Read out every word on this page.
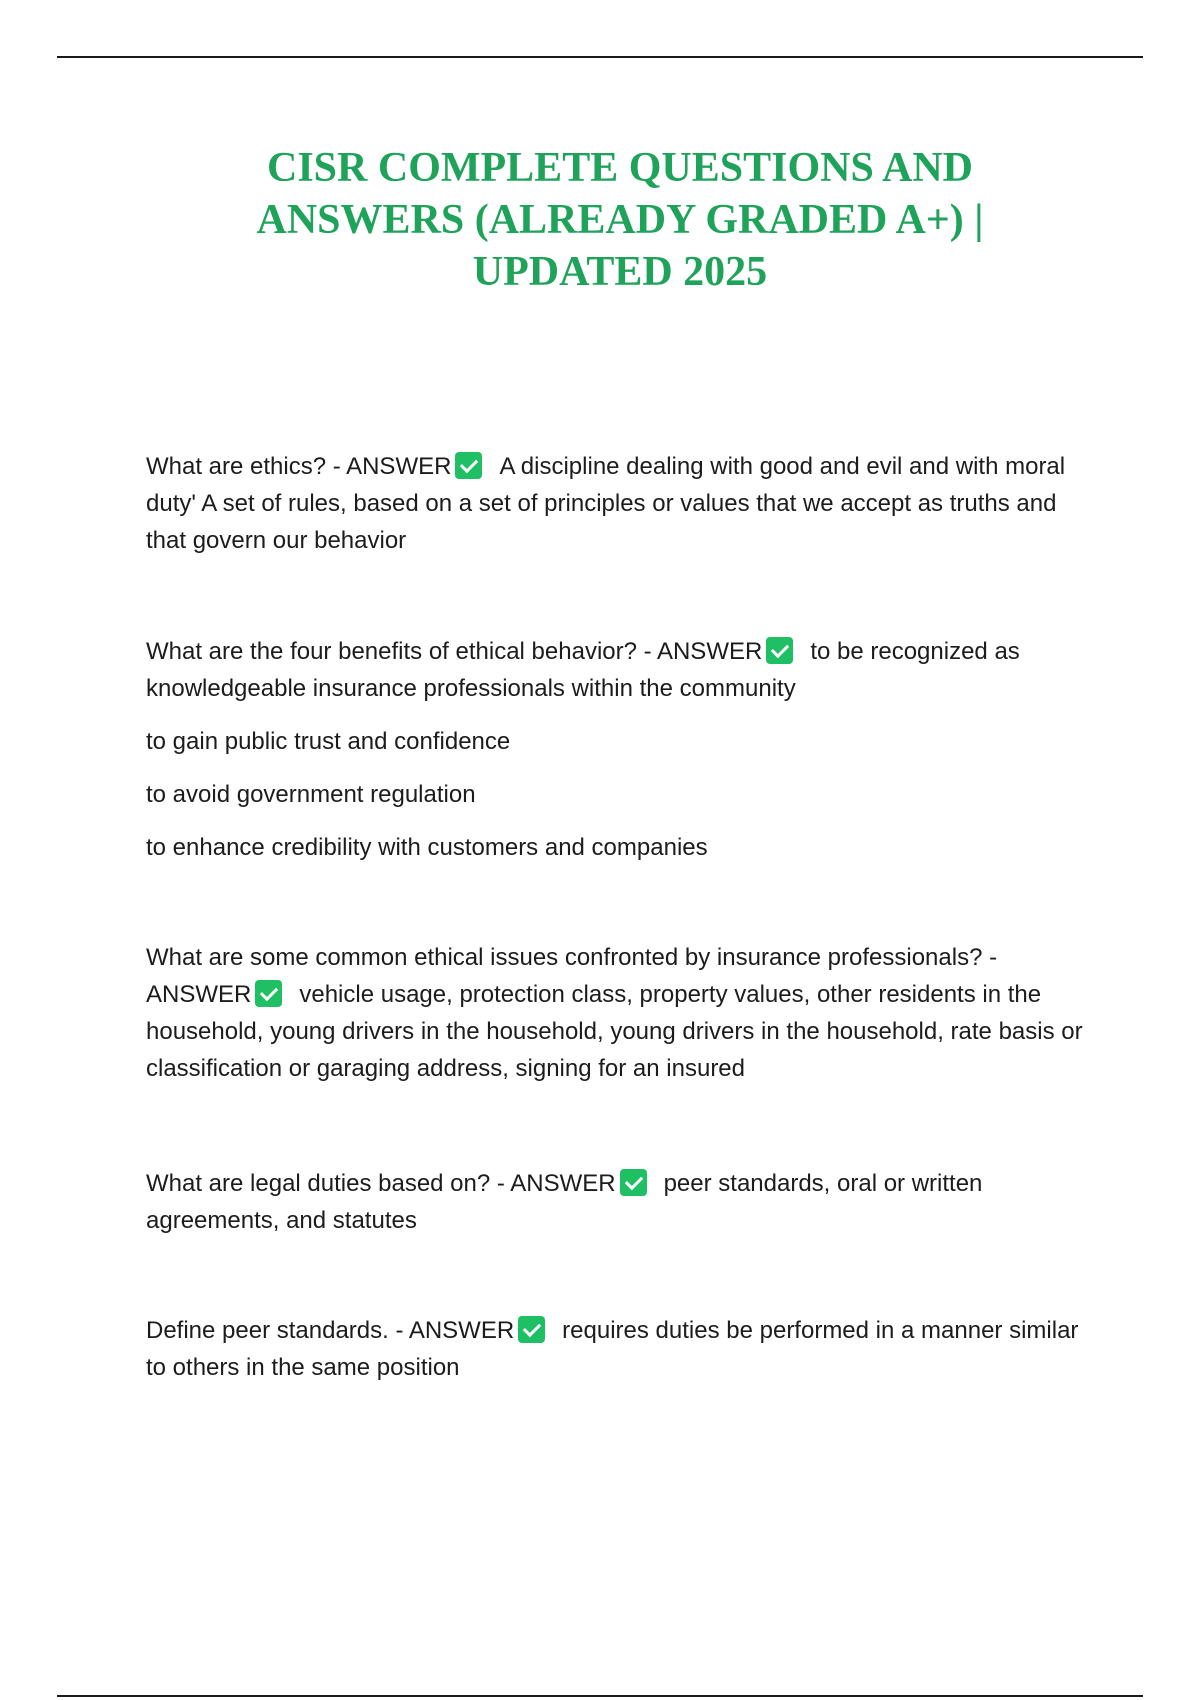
CISR COMPLETE QUESTIONS AND
ANSWERS (ALREADY GRADED A+) |
UPDATED 2025

What are ethics? - ANSWER A discipline dealing with good and evil and with moral duty' A set of rules, based on a set of principles or values that we accept as truths and that govern our behavior

What are the four benefits of ethical behavior? - ANSWER to be recognized as knowledgeable insurance professionals within the community

to gain public trust and confidence

to avoid government regulation

to enhance credibility with customers and companies

What are some common ethical issues confronted by insurance professionals? - ANSWER vehicle usage, protection class, property values, other residents in the household, young drivers in the household, young drivers in the household, rate basis or classification or garaging address, signing for an insured

What are legal duties based on? - ANSWER peer standards, oral or written agreements, and statutes

Define peer standards. - ANSWER requires duties be performed in a manner similar to others in the same position
